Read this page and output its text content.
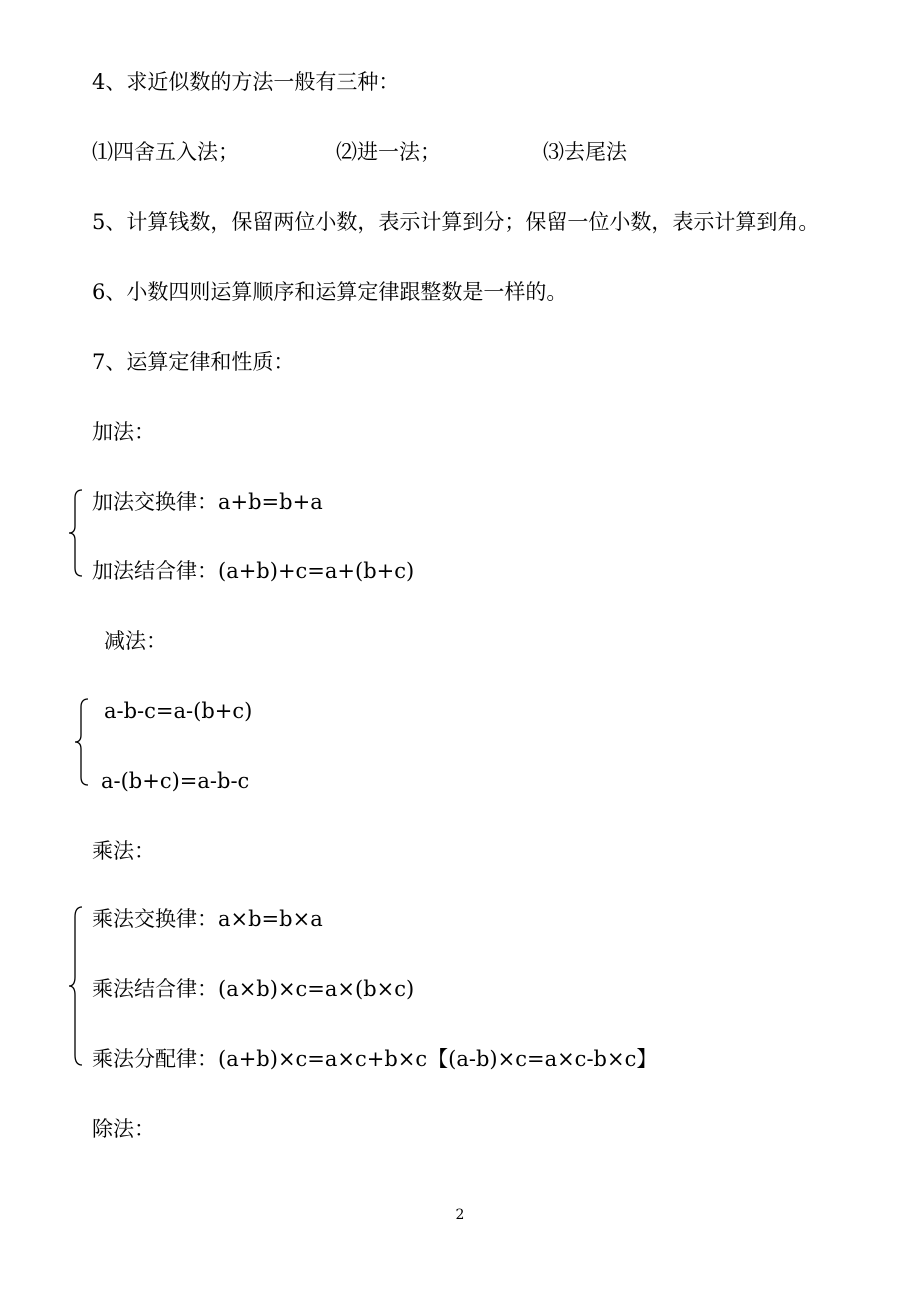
4、求近似数的方法一般有三种：
⑴四舍五入法；	⑵进一法；	⑶去尾法
5、计算钱数，保留两位小数，表示计算到分；保留一位小数，表示计算到角。
6、小数四则运算顺序和运算定律跟整数是一样的。
7、运算定律和性质：
加法：
加法交换律：a+b=b+a
加法结合律：(a+b)+c=a+(b+c)
减法：
a-b-c=a-(b+c)
a-(b+c)=a-b-c
乘法：
乘法交换律：a×b=b×a
乘法结合律：(a×b)×c=a×(b×c)
乘法分配律：(a+b)×c=a×c+b×c【(a-b)×c=a×c-b×c】
除法：
2
